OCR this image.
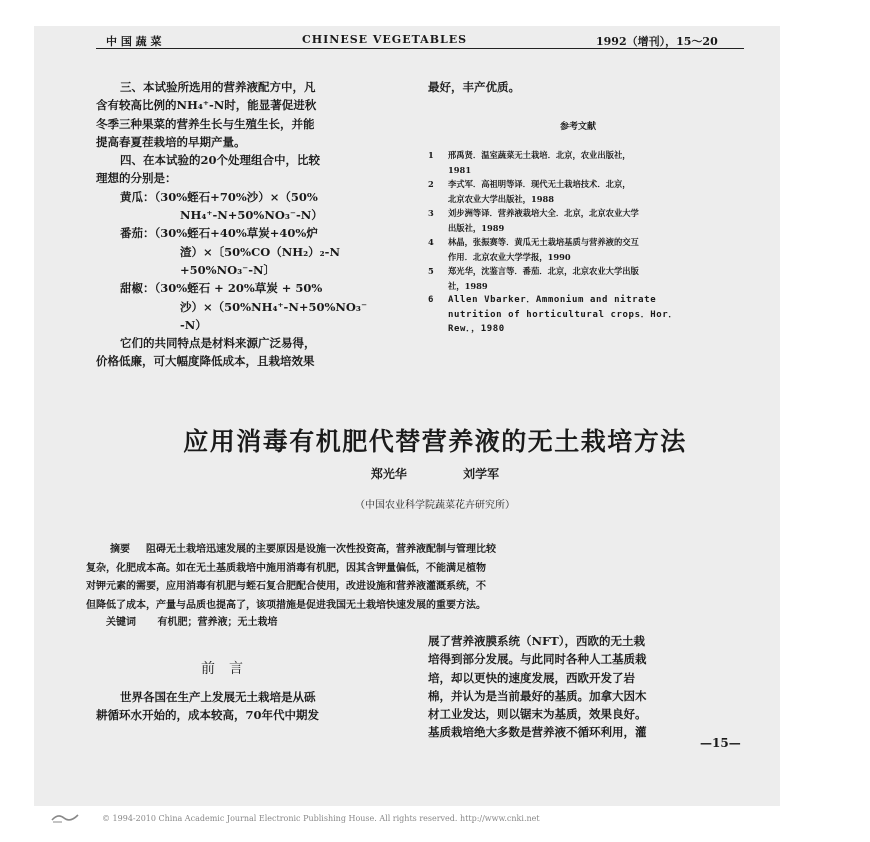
中 国 蔬 菜	CHINESE VEGETABLES	1992（增刊），15～20
三、本试验所选用的营养液配方中，凡
含有较高比例的NH₄⁺-N时，能显著促进秋
冬季三种果菜的营养生长与生殖生长，并能
提高春夏茬栽培的早期产量。
四、在本试验的20个处理组合中，比较
理想的分别是：
黄瓜：（30%蛭石+70%沙）×（50%
NH₄⁺-N+50%NO₃⁻-N）
番茄：（30%蛭石+40%草炭+40%炉
渣）×〔50%CO（NH₂）₂-N
+50%NO₃⁻-N〕
甜椒：（30%蛭石 + 20%草炭 + 50%
沙）×（50%NH₄⁺-N+50%NO₃⁻
-N）
它们的共同特点是材料来源广泛易得，
价格低廉，可大幅度降低成本，且栽培效果
最好，丰产优质。
参考文献
1	邢禹贤．温室蔬菜无土栽培．北京，农业出版社，
1981
2	李式军．高祖明等译．现代无土栽培技术．北京，
北京农业大学出版社，1988
3	刘步洲等译．营养液栽培大全．北京，北京农业大学
出版社，1989
4	林晶，张振赛等．黄瓜无土栽培基质与营养液的交互
作用．北京农业大学学报，1990
5	郑光华，沈鉴言等．番茄．北京，北京农业大学出版
社，1989
6	Allen Vbarker．Ammonium and nitrate
nutrition of horticultural crops．Hor．
Rew．，1980
应用消毒有机肥代替营养液的无土栽培方法
郑光华	刘学军
（中国农业科学院蔬菜花卉研究所）
摘要 阻碍无土栽培迅速发展的主要原因是设施一次性投资高，营养液配制与管理比较
复杂，化肥成本高。如在无土基质栽培中施用消毒有机肥，因其含钾量偏低，不能满足植物
对钾元素的需要，应用消毒有机肥与蛭石复合肥配合使用，改进设施和营养液灌溉系统，不
但降低了成本，产量与品质也提高了，该项措施是促进我国无土栽培快速发展的重要方法。
关键词 有机肥；营养液；无土栽培
前言
世界各国在生产上发展无土栽培是从砾
耕循环水开始的，成本较高，70年代中期发
展了营养液膜系统（NFT），西欧的无土栽
培得到部分发展。与此同时各种人工基质栽
培，却以更快的速度发展，西欧开发了岩
棉，并认为是当前最好的基质。加拿大因木
材工业发达，则以锯末为基质，效果良好。
基质栽培绝大多数是营养液不循环利用，灌
—15—
© 1994-2010 China Academic Journal Electronic Publishing House. All rights reserved. http://www.cnki.net
